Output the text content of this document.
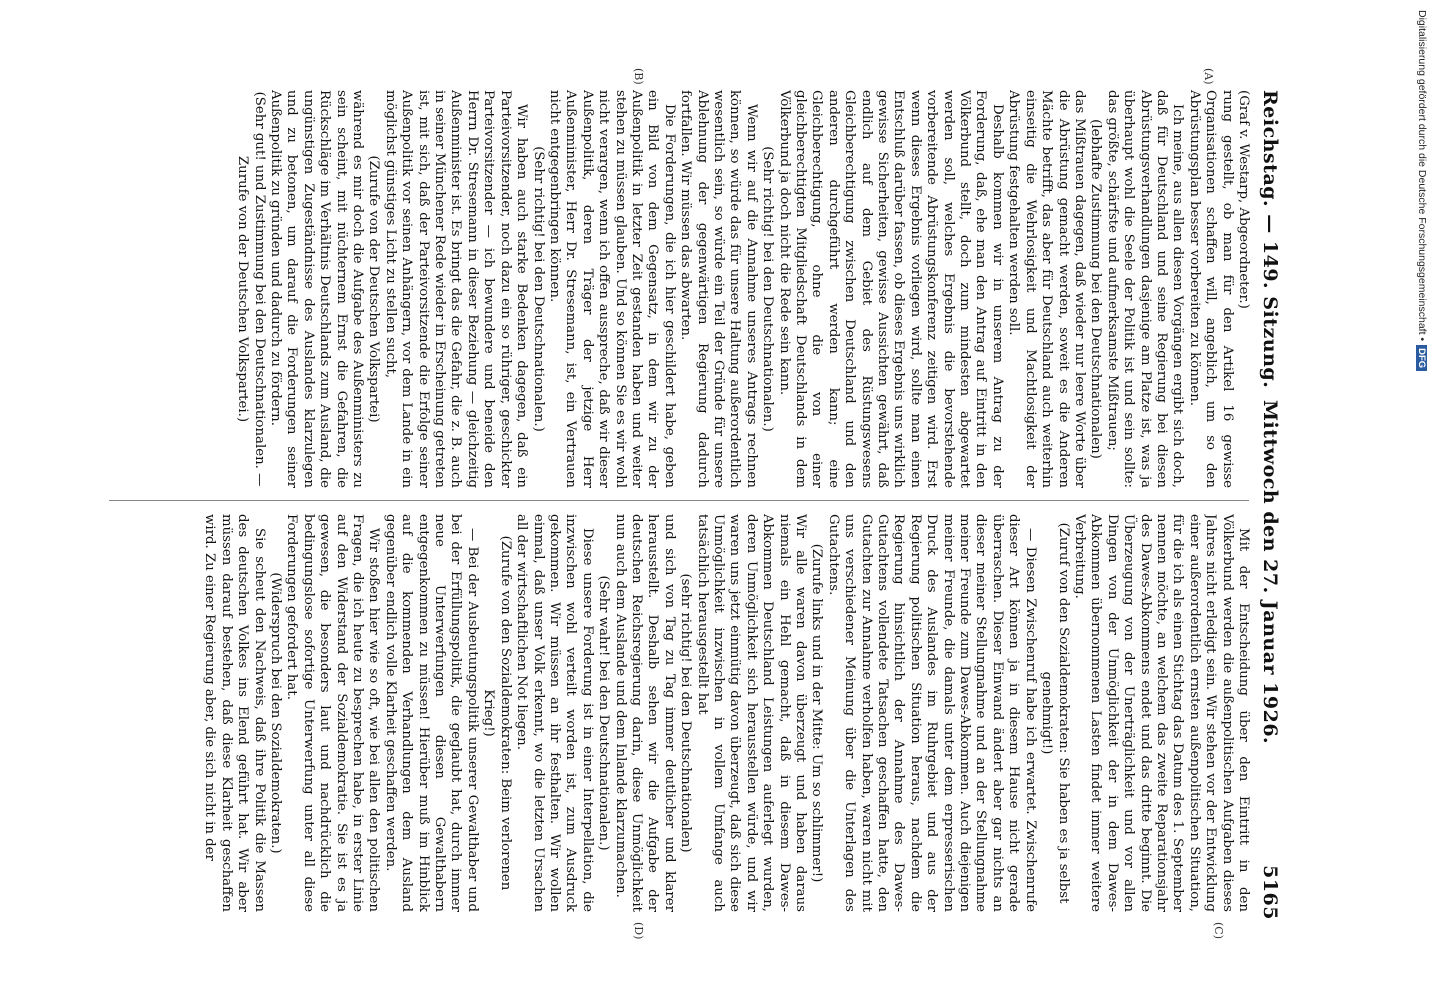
Digitalisierung gefördert durch die Deutsche Forschungsgemeinschaft •DFG
Reichstag. — 149. Sitzung.
Mittwoch den 27. Januar 1926.
5165
(A)
(B)
(C)
(D)

(Graf v. Westarp, Abgeordneter.)

rung gestellt, ob man für den Artikel 16 gewisse Organisationen schaffen will, angeblich, um so den Abrüstungsplan besser vorbereiten zu können.

Ich meine, aus allen diesen Vorgängen ergibt sich doch, daß für Deutschland und seine Regierung bei diesen Abrüstungsverhandlungen dasjenige am Platze ist, was ja überhaupt wohl die Seele der Politik ist und sein sollte: das größte, schärfste und aufmerksamste Mißtrauen;

(lebhafte Zustimmung bei den Deutschnationalen)

das Mißtrauen dagegen, daß wieder nur leere Worte über die Abrüstung gemacht werden, soweit es die Anderen Mächte betrifft, das aber für Deutschland auch weiterhin einseitig die Wehrlosigkeit und Machtlosigkeit der Abrüstung festgehalten werden soll.

Deshalb kommen wir in unserem Antrag zu der Forderung, daß, ehe man den Antrag auf Eintritt in den Völkerbund stellt, doch zum mindesten abgewartet werden soll, welches Ergebnis die bevorstehende vorbereitende Abrüstungskonferenz zeitigen wird. Erst wenn dieses Ergebnis vorliegen wird, sollte man einen Entschluß darüber fassen, ob dieses Ergebnis uns wirklich gewisse Sicherheiten, gewisse Aussichten gewährt, daß endlich auf dem Gebiet des Rüstungswesens Gleichberechtigung zwischen Deutschland und den anderen durchgeführt werden kann; eine Gleichberechtigung, ohne die von einer gleichberechtigten Mitgliedschaft Deutschlands in dem Völkerbund ja doch nicht die Rede sein kann.

(Sehr richtig! bei den Deutschnationalen.)

Wenn wir auf die Annahme unseres Antrags rechnen können, so würde das für unsere Haltung außerordentlich wesentlich sein, so würde ein Teil der Gründe für unsere Ablehnung der gegenwärtigen Regierung dadurch fortfallen. Wir müssen das abwarten.

Die Forderungen, die ich hier geschildert habe, geben ein Bild von dem Gegensatz, in dem wir zu der Außenpolitik in letzter Zeit gestanden haben und weiter stehen zu müssen glauben. Und so können Sie es wir wohl nicht verargen, wenn ich offen ausspreche, daß wir dieser Außenpolitik, deren Träger der jetzige Herr Außenminister, Herr Dr. Stresemann, ist, ein Vertrauen nicht entgegenbringen können.

(Sehr richtig! bei den Deutschnationalen.)

Wir haben auch starke Bedenken dagegen, daß ein Parteivorsitzender, noch dazu ein so rühriger, geschickter Parteivorsitzender — ich bewundere und beneide den Herrn Dr. Stresemann in dieser Beziehung — gleichzeitig Außenminister ist. Es bringt das die Gefahr, die z. B. auch in seiner Münchener Rede wieder in Erscheinung getreten ist, mit sich, daß der Parteivorsitzende die Erfolge seiner Außenpolitik vor seinen Anhängern, vor dem Lande in ein möglichst günstiges Licht zu stellen sucht,

(Zurufe von der Deutschen Volkspartei)

während es mir doch die Aufgabe des Außenministers zu sein scheint, mit nüchternem Ernst die Gefahren, die Rückschläge im Verhältnis Deutschlands zum Ausland, die ungünstigen Zugeständnisse des Auslandes klarzulegen und zu betonen, um darauf die Forderungen seiner Außenpolitik zu gründen und dadurch zu fördern.

(Sehr gut! und Zustimmung bei den Deutschnationalen. — Zurufe von der Deutschen Volkspartei.)

Mit der Entscheidung über den Eintritt in den Völkerbund werden die außenpolitischen Aufgaben dieses Jahres nicht erledigt sein. Wir stehen vor der Entwicklung einer außerordentlich ernsten außenpolitischen Situation, für die ich als einen Stichtag das Datum des 1. September nennen möchte, an welchem das zweite Reparationsjahr des Dawes-Abkommens endet und das dritte beginnt. Die Überzeugung von der Unerträglichkeit und vor allen Dingen von der Unmöglichkeit der in dem Dawes-Abkommen übernommenen Lasten findet immer weitere Verbreitung.

(Zuruf von den Sozialdemokraten: Sie haben es ja selbst genehmigt!)

— Diesen Zwischenruf habe ich erwartet. Zwischenrufe dieser Art können ja in diesem Hause nicht gerade überraschen. Dieser Einwand ändert aber gar nichts an dieser meiner Stellungnahme und an der Stellungnahme meiner Freunde zum Dawes-Abkommen. Auch diejenigen meiner Freunde, die damals unter dem erpresserischen Druck des Auslandes im Ruhrgebiet und aus der Regierung politischen Situation heraus, nachdem die Regierung hinsichtlich der Annahme des Dawes-Gutachtens vollendete Tatsachen geschaffen hatte, den Gutachten zur Annahme verholfen haben, waren nicht mit uns verschiedener Meinung über die Unterlagen des Gutachtens.

(Zurufe links und in der Mitte: Um so schlimmer!)

Wir alle waren davon überzeugt und haben daraus niemals ein Hehl gemacht, daß in diesem Dawes-Abkommen Deutschland Leistungen auferlegt wurden, deren Unmöglichkeit sich herausstellen würde, und wir waren uns jetzt einmütig davon überzeugt, daß sich diese Unmöglichkeit inzwischen in vollem Umfange auch tatsächlich herausgestellt hat

(sehr richtig! bei den Deutschnationalen)

und sich von Tag zu Tag immer deutlicher und klarer herausstellt. Deshalb sehen wir die Aufgabe der deutschen Reichsregierung darin, diese Unmöglichkeit nun auch dem Auslande und dem Inlande klarzumachen.

(Sehr wahr! bei den Deutschnationalen.)

Diese unsere Forderung ist in einer Interpellation, die inzwischen wohl verteilt worden ist, zum Ausdruck gekommen. Wir müssen an ihr festhalten. Wir wollen einmal, daß unser Volk erkennt, wo die letzten Ursachen all der wirtschaftlichen Not liegen.

(Zurufe von den Sozialdemokraten: Beim verlorenen Krieg!)

— Bei der Ausbeutungspolitik unserer Gewalthaber und bei der Erfüllungspolitik, die geglaubt hat, durch immer neue Unterwerfungen diesen Gewalthabern entgegenkommen zu müssen! Hierüber muß im Hinblick auf die kommenden Verhandlungen dem Ausland gegenüber endlich volle Klarheit geschaffen werden.

Wir stoßen hier wie so oft, wie bei allen den politischen Fragen, die ich heute zu besprechen habe, in erster Linie auf den Widerstand der Sozialdemokratie. Sie ist es ja gewesen, die besonders laut und nachdrücklich die bedingungslose sofortige Unterwerfung unter all diese Forderungen gefordert hat.

(Widerspruch bei den Sozialdemokraten.)

Sie scheut den Nachweis, daß ihre Politik die Massen des deutschen Volkes ins Elend geführt hat. Wir aber müssen darauf bestehen, daß diese Klarheit geschaffen wird. Zu einer Regierung aber, die sich nicht in der
